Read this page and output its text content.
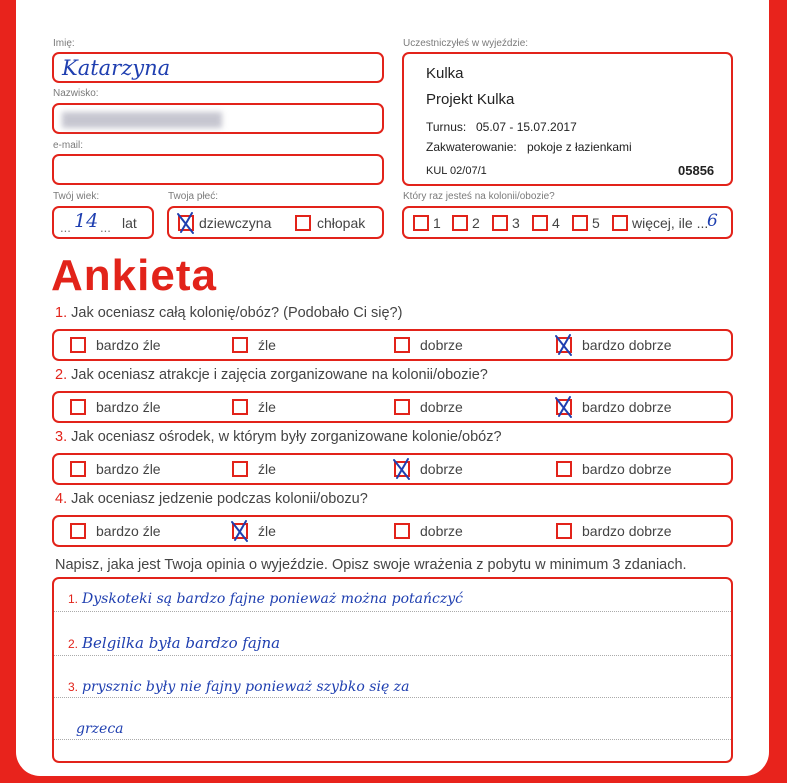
Imię:
Katarzyna
Nazwisko:
e-mail:
Twój wiek:
... 14 ... lat
Twoja płeć:
dziewczyna	chłopak
Uczestniczyłeś w wyjeździe:
Kulka
Projekt Kulka
Turnus: 05.07 - 15.07.2017
Zakwaterowanie: pokoje z łazienkami
KUL 02/07/1	05856
Który raz jesteś na kolonii/obozie?
1 2 3 4 5 więcej, ile ...
6
Ankieta
1. Jak oceniasz całą kolonię/obóz? (Podobało Ci się?)
bardzo źle	źle	dobrze	bardzo dobrze
2. Jak oceniasz atrakcje i zajęcia zorganizowane na kolonii/obozie?
bardzo źle	źle	dobrze	bardzo dobrze
3. Jak oceniasz ośrodek, w którym były zorganizowane kolonie/obóz?
bardzo źle	źle	dobrze	bardzo dobrze
4. Jak oceniasz jedzenie podczas kolonii/obozu?
bardzo źle	źle	dobrze	bardzo dobrze
Napisz, jaka jest Twoja opinia o wyjeździe. Opisz swoje wrażenia z pobytu w minimum 3 zdaniach.
1. Dyskoteki są bardzo fajne ponieważ można potańczyć
2. Belgilka była bardzo fajna
3. prysznic były nie fajny ponieważ szybko się za
grzeca
